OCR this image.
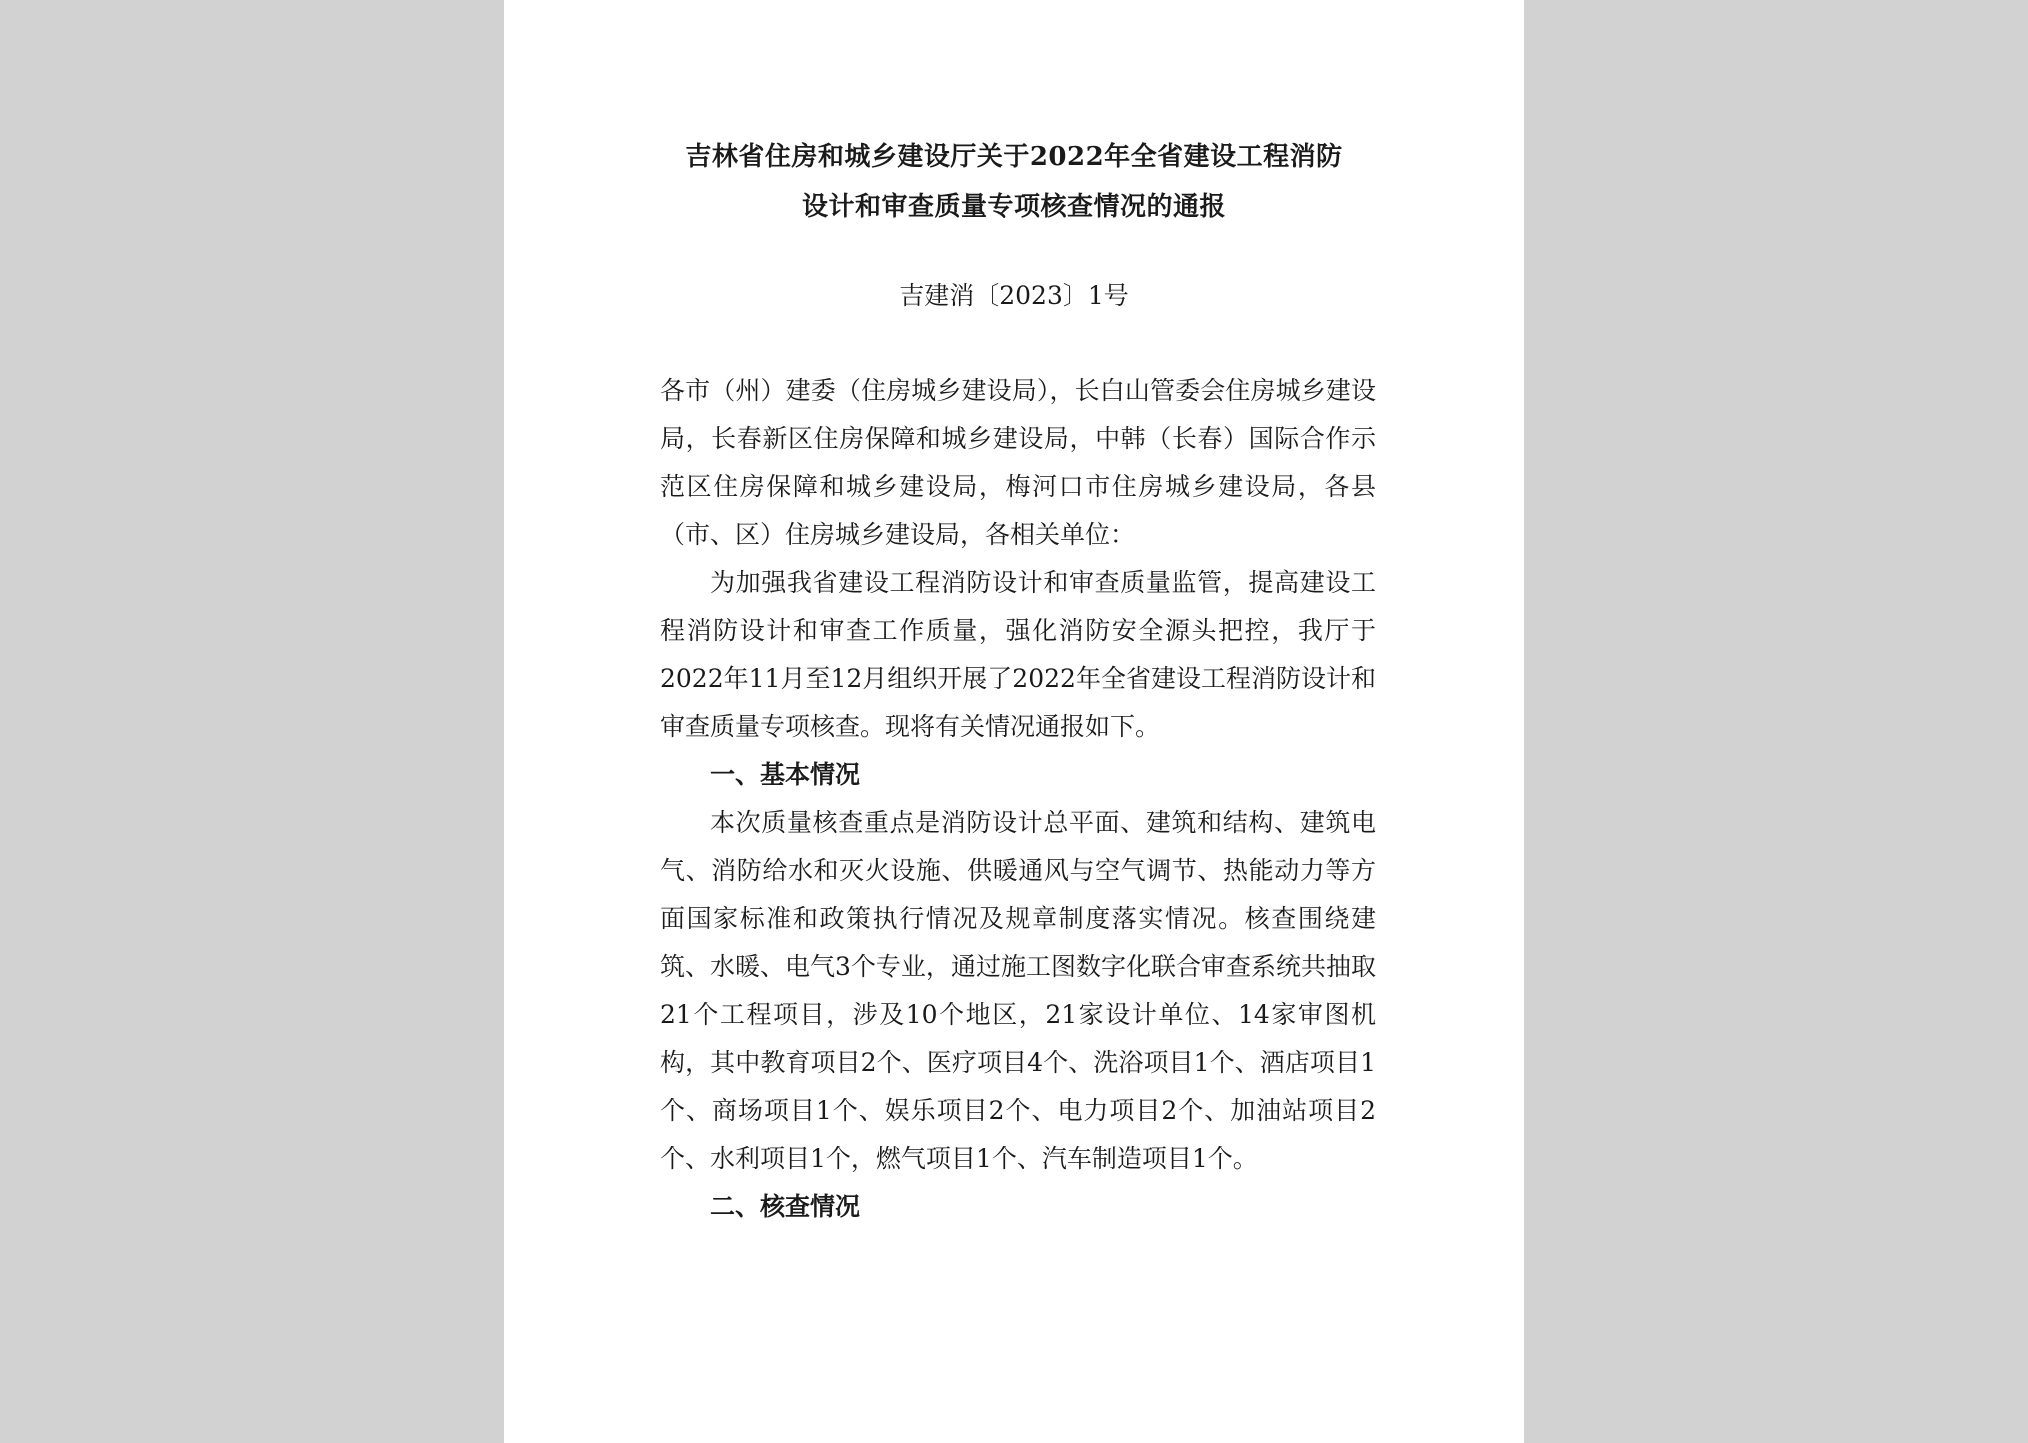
吉林省住房和城乡建设厅关于2022年全省建设工程消防
设计和审查质量专项核查情况的通报
吉建消〔2023〕1号

各市（州）建委（住房城乡建设局），长白山管委会住房城乡建设局，长春新区住房保障和城乡建设局，中韩（长春）国际合作示范区住房保障和城乡建设局，梅河口市住房城乡建设局，各县（市、区）住房城乡建设局，各相关单位：

为加强我省建设工程消防设计和审查质量监管，提高建设工程消防设计和审查工作质量，强化消防安全源头把控，我厅于2022年11月至12月组织开展了2022年全省建设工程消防设计和审查质量专项核查。现将有关情况通报如下。

一、基本情况

本次质量核查重点是消防设计总平面、建筑和结构、建筑电气、消防给水和灭火设施、供暖通风与空气调节、热能动力等方面国家标准和政策执行情况及规章制度落实情况。核查围绕建筑、水暖、电气3个专业，通过施工图数字化联合审查系统共抽取21个工程项目，涉及10个地区，21家设计单位、14家审图机构，其中教育项目2个、医疗项目4个、洗浴项目1个、酒店项目1个、商场项目1个、娱乐项目2个、电力项目2个、加油站项目2个、水利项目1个，燃气项目1个、汽车制造项目1个。

二、核查情况
